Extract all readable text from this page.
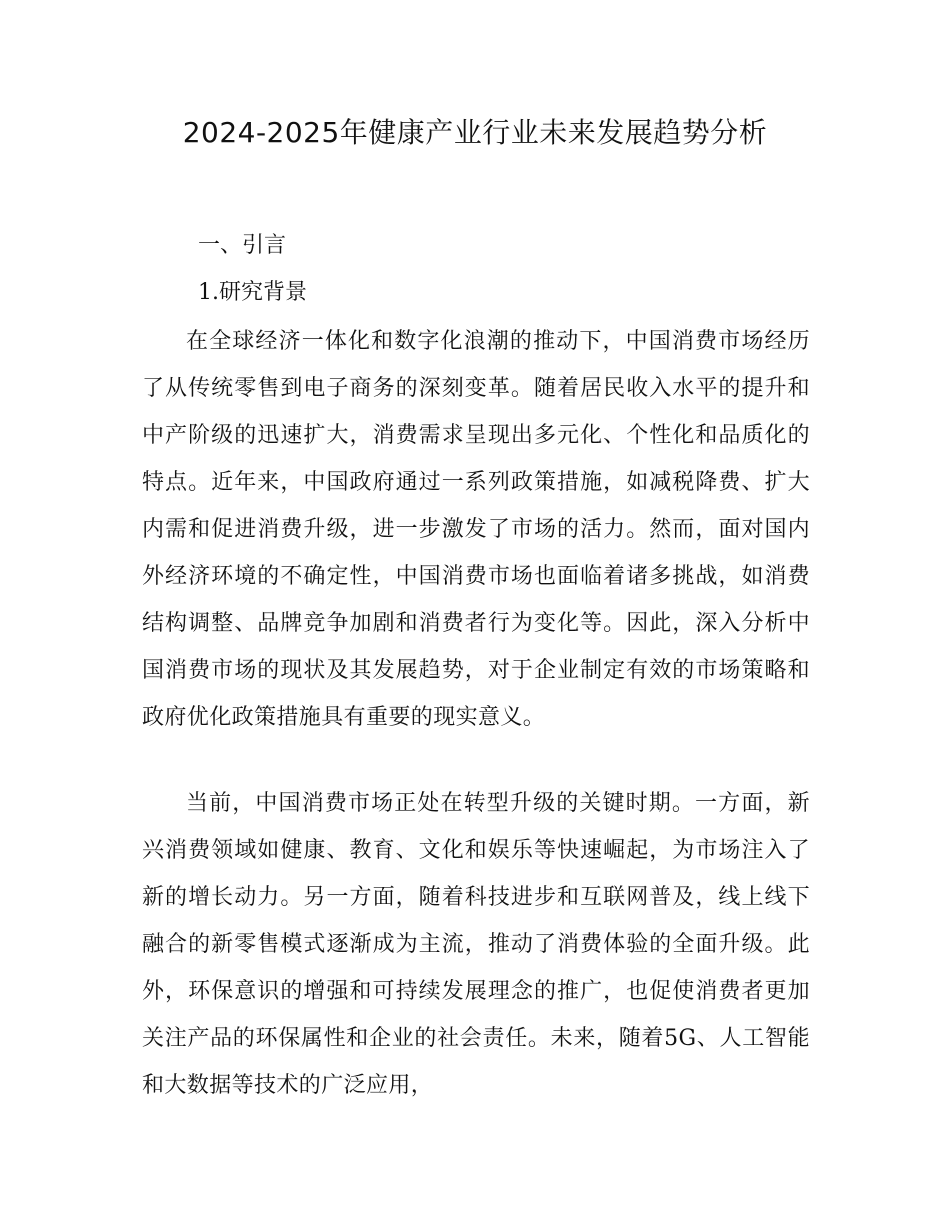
2024-2025年健康产业行业未来发展趋势分析
一、引言
1.研究背景

在全球经济一体化和数字化浪潮的推动下，中国消费市场经历了从传统零售到电子商务的深刻变革。随着居民收入水平的提升和中产阶级的迅速扩大，消费需求呈现出多元化、个性化和品质化的特点。近年来，中国政府通过一系列政策措施，如减税降费、扩大内需和促进消费升级，进一步激发了市场的活力。然而，面对国内外经济环境的不确定性，中国消费市场也面临着诸多挑战，如消费结构调整、品牌竞争加剧和消费者行为变化等。因此，深入分析中国消费市场的现状及其发展趋势，对于企业制定有效的市场策略和政府优化政策措施具有重要的现实意义。

当前，中国消费市场正处在转型升级的关键时期。一方面，新兴消费领域如健康、教育、文化和娱乐等快速崛起，为市场注入了新的增长动力。另一方面，随着科技进步和互联网普及，线上线下融合的新零售模式逐渐成为主流，推动了消费体验的全面升级。此外，环保意识的增强和可持续发展理念的推广，也促使消费者更加关注产品的环保属性和企业的社会责任。未来，随着5G、人工智能和大数据等技术的广泛应用，
